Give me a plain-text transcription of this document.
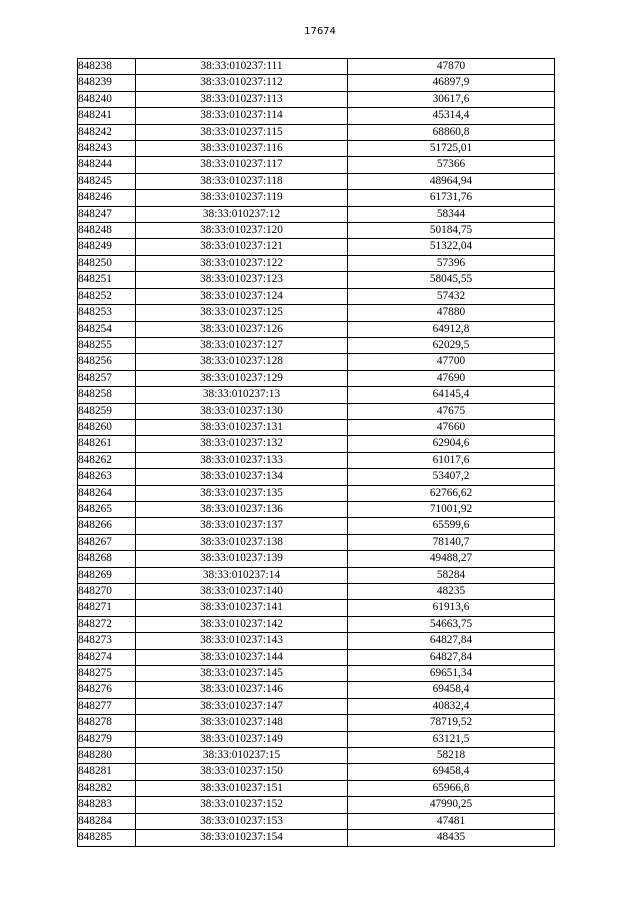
17674
848238	38:33:010237:111	47870
848239	38:33:010237:112	46897,9
848240	38:33:010237:113	30617,6
848241	38:33:010237:114	45314,4
848242	38:33:010237:115	68860,8
848243	38:33:010237:116	51725,01
848244	38:33:010237:117	57366
848245	38:33:010237:118	48964,94
848246	38:33:010237:119	61731,76
848247	38:33:010237:12	58344
848248	38:33:010237:120	50184,75
848249	38:33:010237:121	51322,04
848250	38:33:010237:122	57396
848251	38:33:010237:123	58045,55
848252	38:33:010237:124	57432
848253	38:33:010237:125	47880
848254	38:33:010237:126	64912,8
848255	38:33:010237:127	62029,5
848256	38:33:010237:128	47700
848257	38:33:010237:129	47690
848258	38:33:010237:13	64145,4
848259	38:33:010237:130	47675
848260	38:33:010237:131	47660
848261	38:33:010237:132	62904,6
848262	38:33:010237:133	61017,6
848263	38:33:010237:134	53407,2
848264	38:33:010237:135	62766,62
848265	38:33:010237:136	71001,92
848266	38:33:010237:137	65599,6
848267	38:33:010237:138	78140,7
848268	38:33:010237:139	49488,27
848269	38:33:010237:14	58284
848270	38:33:010237:140	48235
848271	38:33:010237:141	61913,6
848272	38:33:010237:142	54663,75
848273	38:33:010237:143	64827,84
848274	38:33:010237:144	64827,84
848275	38:33:010237:145	69651,34
848276	38:33:010237:146	69458,4
848277	38:33:010237:147	40832,4
848278	38:33:010237:148	78719,52
848279	38:33:010237:149	63121,5
848280	38:33:010237:15	58218
848281	38:33:010237:150	69458,4
848282	38:33:010237:151	65966,8
848283	38:33:010237:152	47990,25
848284	38:33:010237:153	47481
848285	38:33:010237:154	48435
